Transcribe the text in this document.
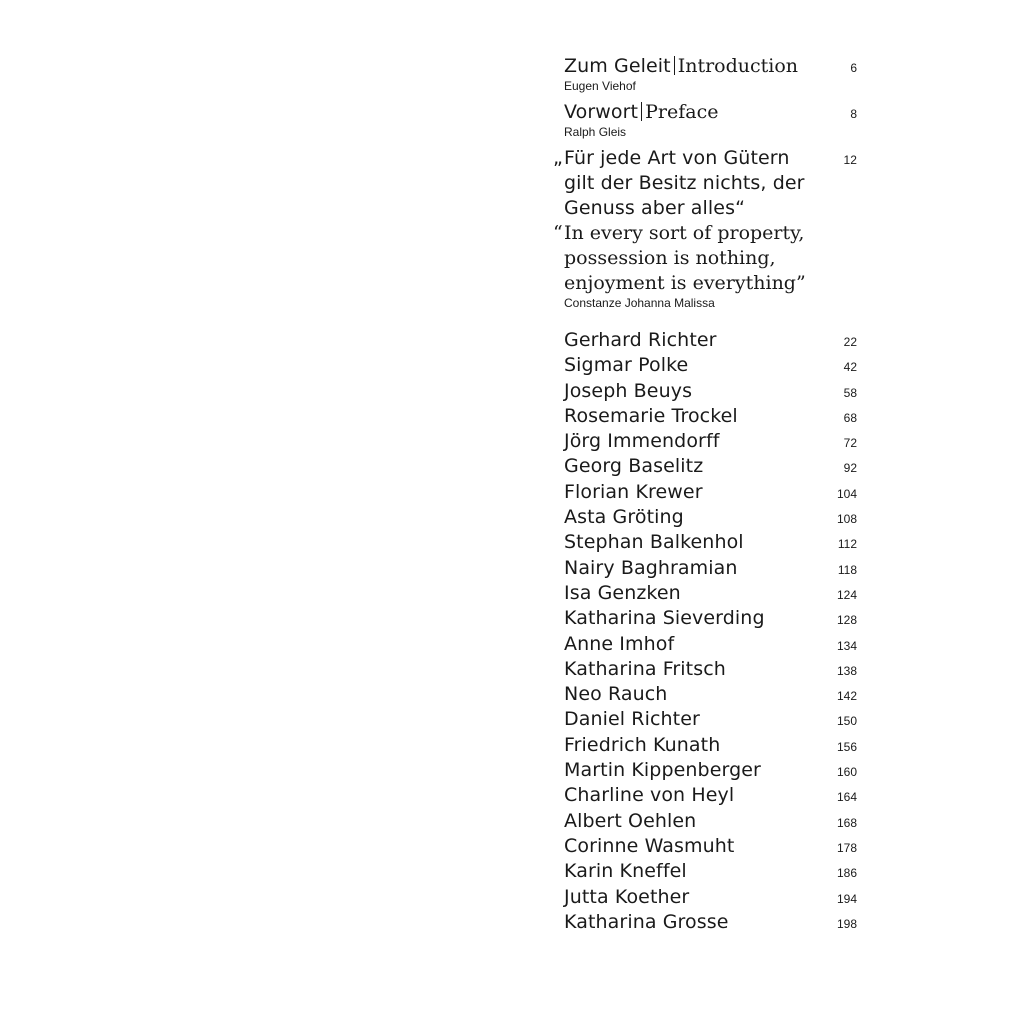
Zum Geleit Introduction	6
Eugen Viehof
Vorwort Preface	8
Ralph Gleis
„ Für jede Art von Gütern	12
gilt der Besitz nichts, der
Genuss aber alles“
“ In every sort of property,
possession is nothing,
enjoyment is everything”
Constanze Johanna Malissa
Gerhard Richter	22
Sigmar Polke	42
Joseph Beuys	58
Rosemarie Trockel	68
Jörg Immendorff	72
Georg Baselitz	92
Florian Krewer	104
Asta Gröting	108
Stephan Balkenhol	112
Nairy Baghramian	118
Isa Genzken	124
Katharina Sieverding	128
Anne Imhof	134
Katharina Fritsch	138
Neo Rauch	142
Daniel Richter	150
Friedrich Kunath	156
Martin Kippenberger	160
Charline von Heyl	164
Albert Oehlen	168
Corinne Wasmuht	178
Karin Kneffel	186
Jutta Koether	194
Katharina Grosse	198
